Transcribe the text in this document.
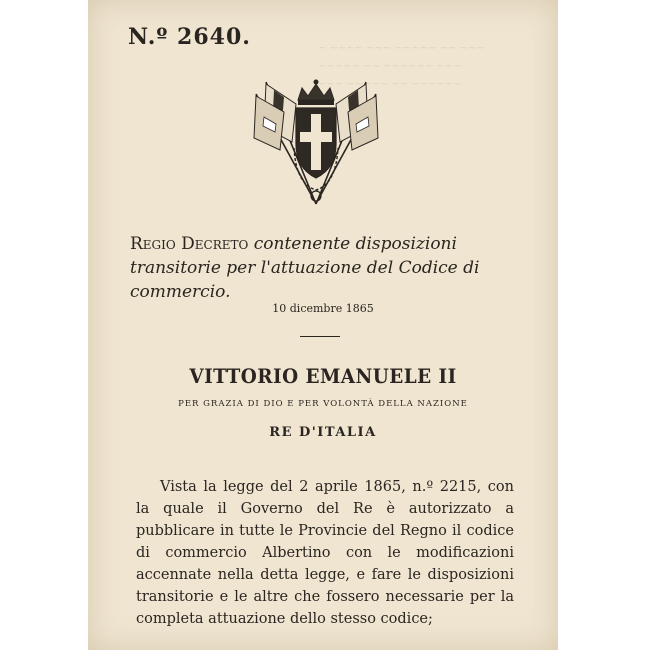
~ ~~~~ ~~~ ~~~~~ ~~ ~~~
~~~~~ ~~ ~~~~~~ ~~~
~~~ ~~~~~ ~~ ~~~~~~
N.º 2640.
Regio Decreto contenente disposizioni transitorie per l'attuazione del Codice di commercio.
10 dicembre 1865
VITTORIO EMANUELE II
PER GRAZIA DI DIO E PER VOLONTÀ DELLA NAZIONE
RE D'ITALIA

Vista la legge del 2 aprile 1865, n.º 2215, con la quale il Governo del Re è autorizzato a pubblicare in tutte le Provincie del Regno il codice di commercio Albertino con le modificazioni accennate nella detta legge, e fare le disposizioni transitorie e le altre che fossero necessarie per la completa attuazione dello stesso codice;
